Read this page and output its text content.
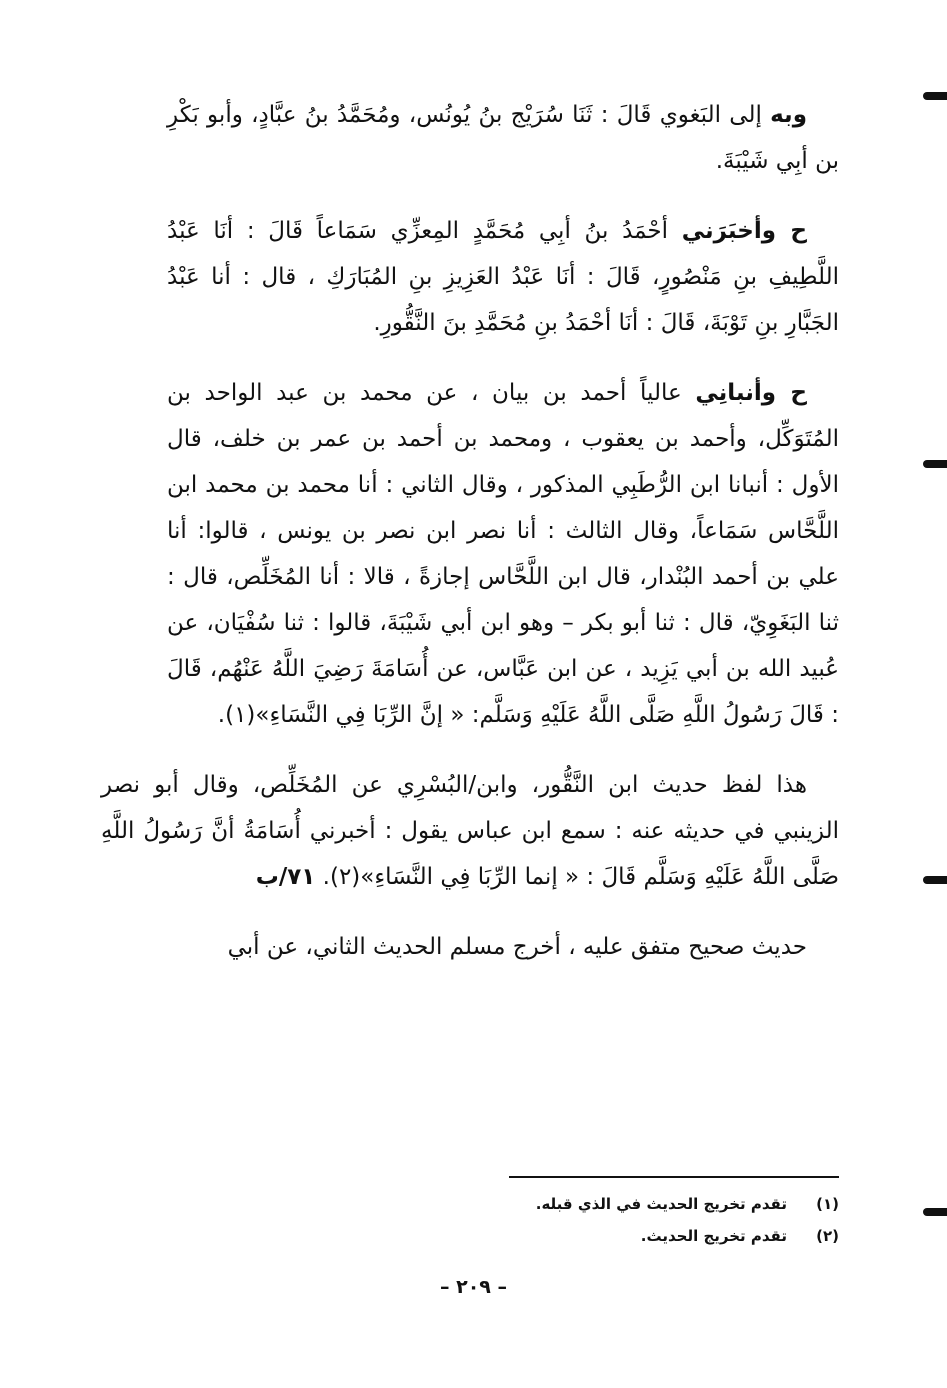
وبه إلى البَغوي قَالَ : ثَنَا سُرَيْج بنُ يُونُس، ومُحَمَّدُ بنُ عبَّادٍ، وأبو بَكْرِ بن أبِي شَيْبَةَ.

ح وأخبَرَني أحْمَدُ بنُ أبِي مُحَمَّدٍ المِعزِّي سَمَاعاً قَالَ : أنَا عَبْدُ اللَّطِيفِ بنِ مَنْصُورٍ، قَالَ : أنَا عَبْدُ العَزِيزِ بنِ المُبَارَكِ ، قال : أنا عَبْدُ الجَبَّارِ بنِ تَوْبَةَ، قَالَ : أنَا أحْمَدُ بنِ مُحَمَّدِ بنَ النَّقُّورِ.

ح وأنبانِي عالياً أحمد بن بيان ، عن محمد بن عبد الواحد بن المُتَوَكِّل، وأحمد بن يعقوب ، ومحمد بن أحمد بن عمر بن خلف، قال الأول : أنبانا ابن الرُّطَبِي المذكور ، وقال الثاني : أنا محمد بن محمد ابن اللَّحَّاس سَمَاعاً، وقال الثالث : أنا نصر ابن نصر بن يونس ، قالوا: أنا علي بن أحمد البُنْدار، قال ابن اللَّحَّاس إجازةً ، قالا : أنا المُخَلِّص، قال : ثنا البَغَوِيّ، قال : ثنا أبو بكر – وهو ابن أبي شَيْبَةَ، قالوا : ثنا سُفْيَان، عن عُبيد الله بن أبي يَزِيد ، عن ابن عَبَّاس، عن أُسَامَةَ رَضِيَ اللَّهُ عَنْهُم، قَالَ : قَالَ رَسُولُ اللَّهِ صَلَّى اللَّهُ عَلَيْهِ وَسَلَّم: « إنَّ الرِّبَا فِي النَّسَاءِ»(١).

هذا لفظ حديث ابن النَّقُّور، وابن/البُسْرِي عن المُخَلِّص، وقال أبو نصر الزينبي في حديثه عنه : سمع ابن عباس يقول : أخبرني أُسَامَةُ أنَّ رَسُولُ اللَّهِ صَلَّى اللَّهُ عَلَيْهِ وَسَلَّم قَالَ : « إنما الرِّبَا فِي النَّسَاءِ»(٢). ٧١/ب

حديث صحيح متفق عليه ، أخرج مسلم الحديث الثاني، عن أبي

(١)
تقدم تخريج الحديث في الذي قبله.
(٢)
تقدم تخريج الحديث.
– ٢٠٩ –
